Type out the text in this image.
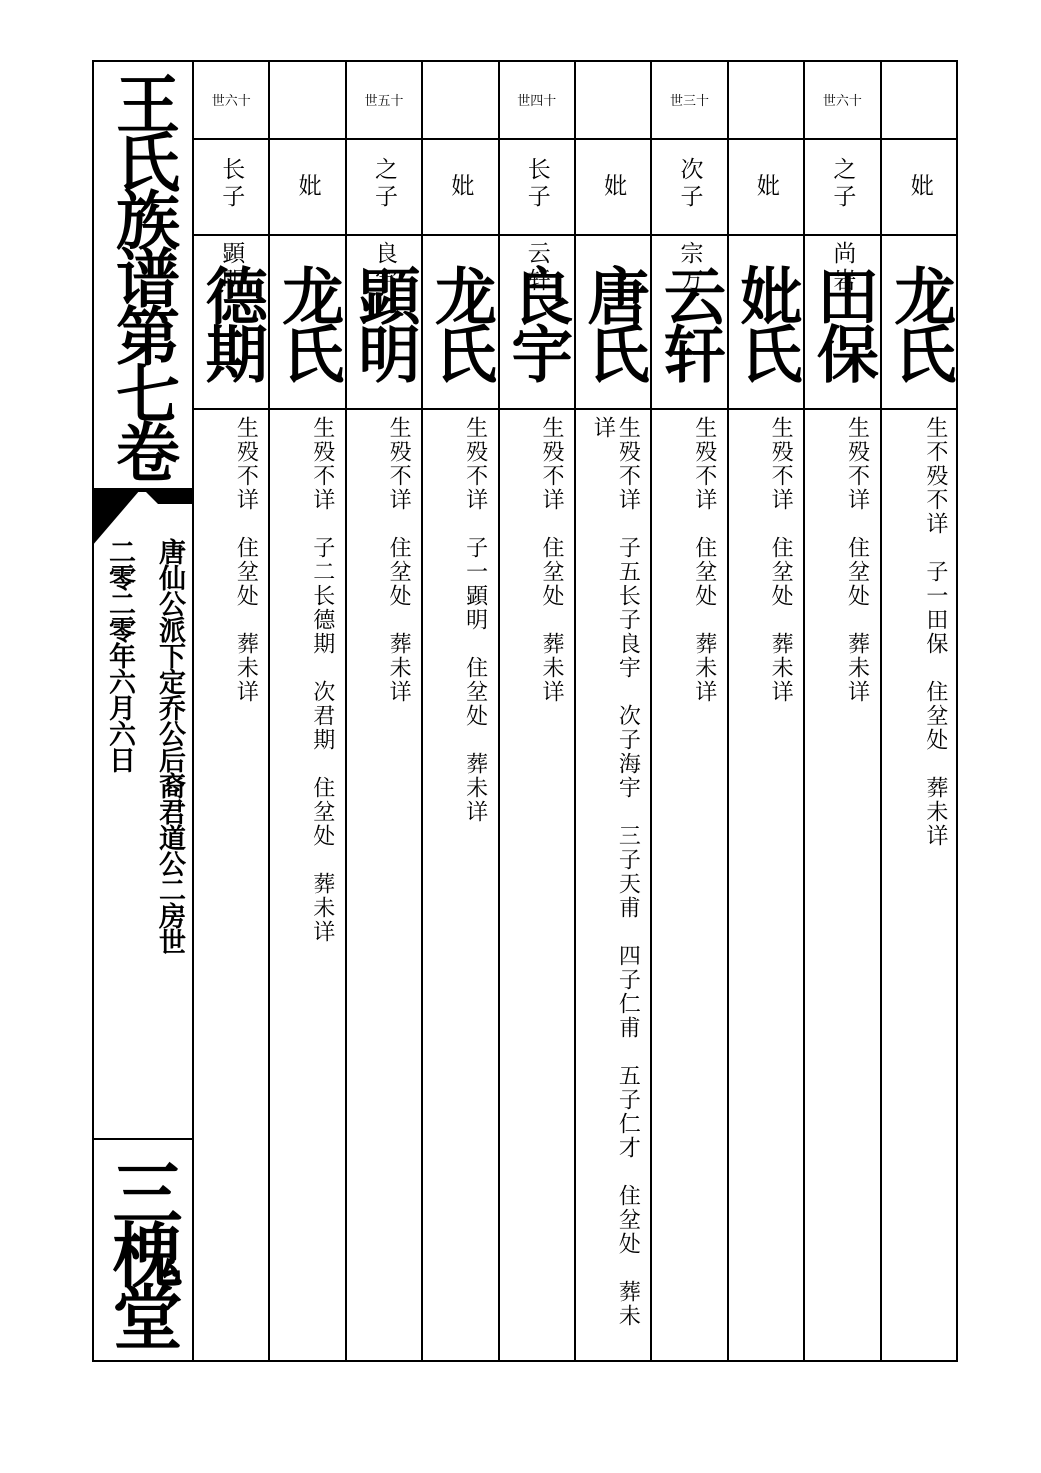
王氏族谱第七卷
唐仙公派下定乔公后裔君道公二房世
二零二零年六月六日
三槐堂
世六十
长子 顕明
德期
生殁不详　住坌处　葬未详
妣
龙氏
生殁不详　子二长德期　次君期　住坌处　葬未详
世五十
之子 良宇
顕明
生殁不详　住坌处　葬未详
妣
龙氏
生殁不详　子一顕明　住坌处　葬未详
世四十
长子 云轩
良宇
生殁不详　住坌处　葬未详
妣
唐氏
生殁不详　子五长子良宇　次子海宇　三子天甫　四子仁甫　五子仁才　住坌处　葬未详
世三十
次子 宗万
云轩
生殁不详　住坌处　葬未详
妣
妣氏
生殁不详　住坌处　葬未详
世六十
之子 尚岩
田保
生殁不详　住坌处　葬未详
妣
龙氏
生不殁不详　子一田保　住坌处　葬未详
